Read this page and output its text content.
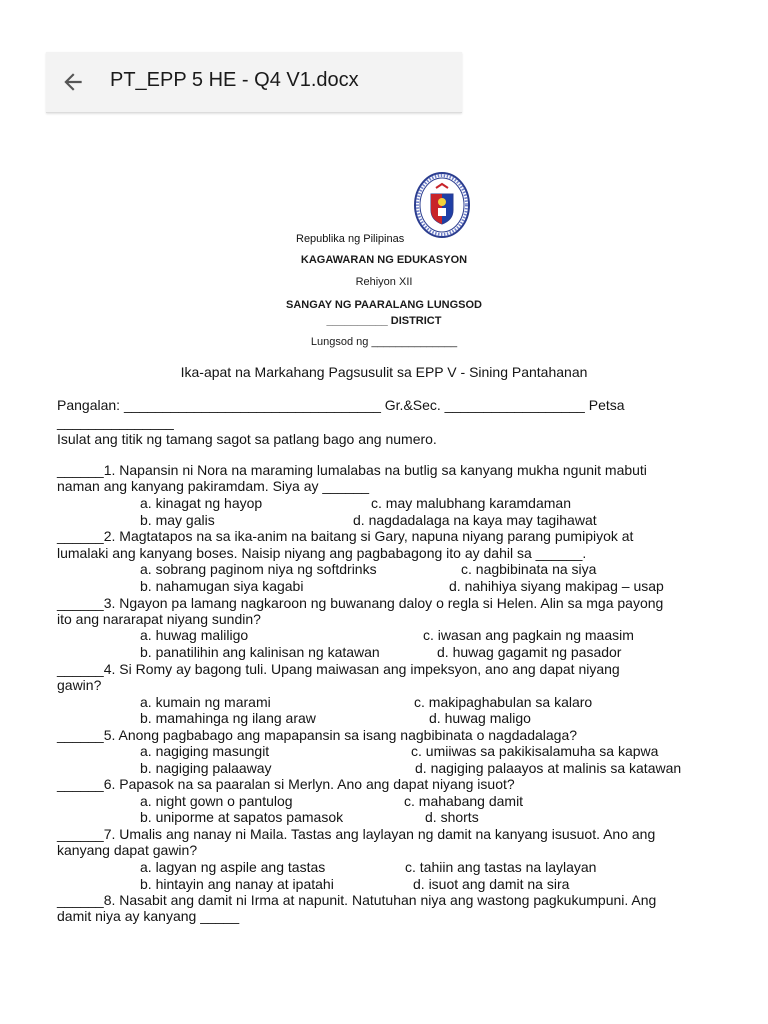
PT_EPP 5 HE - Q4 V1.docx
Republika ng Pilipinas
KAGAWARAN NG EDUKASYON
Rehiyon XII
SANGAY NG PAARALANG LUNGSOD
__________ DISTRICT
Lungsod ng ______________
Ika-apat na Markahang Pagsusulit sa EPP V - Sining Pantahanan
Pangalan: _________________________________ Gr.&Sec. __________________ Petsa
_______________
Isulat ang titik ng tamang sagot sa patlang bago ang numero.
______1. Napansin ni Nora na maraming lumalabas na butlig sa kanyang mukha ngunit mabuti
naman ang kanyang pakiramdam. Siya ay ______
a. kinagat ng hayop	c. may malubhang karamdaman
b. may galis	d. nagdadalaga na kaya may tagihawat
______2. Magtatapos na sa ika-anim na baitang si Gary, napuna niyang parang pumipiyok at
lumalaki ang kanyang boses. Naisip niyang ang pagbabagong ito ay dahil sa ______.
a. sobrang paginom niya ng softdrinks	c. nagbibinata na siya
b. nahamugan siya kagabi	d. nahihiya siyang makipag – usap
______3. Ngayon pa lamang nagkaroon ng buwanang daloy o regla si Helen. Alin sa mga payong
ito ang nararapat niyang sundin?
a. huwag maliligo	c. iwasan ang pagkain ng maasim
b. panatilihin ang kalinisan ng katawan	d. huwag gagamit ng pasador
______4. Si Romy ay bagong tuli. Upang maiwasan ang impeksyon, ano ang dapat niyang
gawin?
a. kumain ng marami	c. makipaghabulan sa kalaro
b. mamahinga ng ilang araw	d. huwag maligo
______5. Anong pagbabago ang mapapansin sa isang nagbibinata o nagdadalaga?
a. nagiging masungit	c. umiiwas sa pakikisalamuha sa kapwa
b. nagiging palaaway	d. nagiging palaayos at malinis sa katawan
______6. Papasok na sa paaralan si Merlyn. Ano ang dapat niyang isuot?
a. night gown o pantulog	c. mahabang damit
b. uniporme at sapatos pamasok	d. shorts
______7. Umalis ang nanay ni Maila. Tastas ang laylayan ng damit na kanyang isusuot. Ano ang
kanyang dapat gawin?
a. lagyan ng aspile ang tastas	c. tahiin ang tastas na laylayan
b. hintayin ang nanay at ipatahi	d. isuot ang damit na sira
______8. Nasabit ang damit ni Irma at napunit. Natutuhan niya ang wastong pagkukumpuni. Ang
damit niya ay kanyang _____
